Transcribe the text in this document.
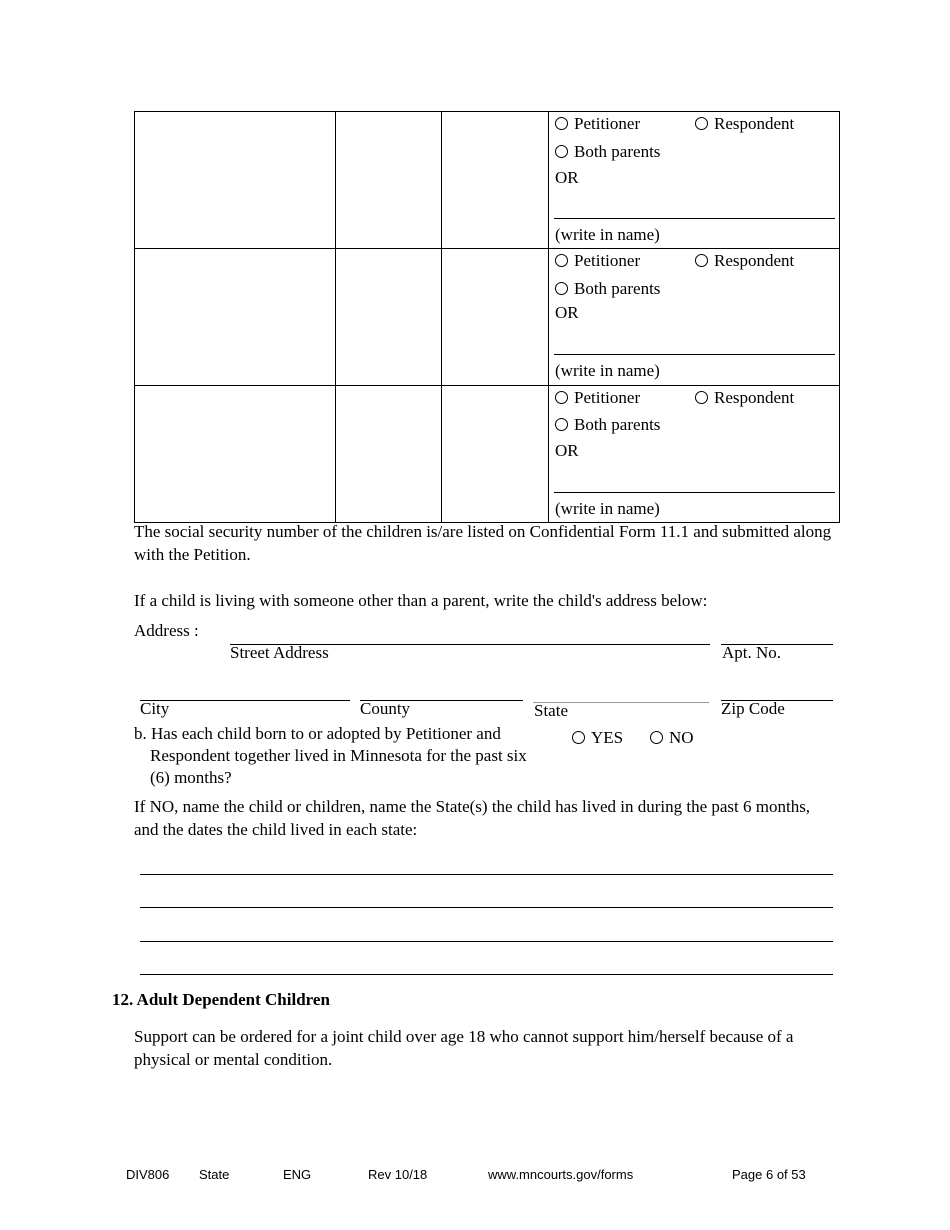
			Petitioner Respondent
Both parents
OR
(write in name)

			Petitioner Respondent
Both parents
OR
(write in name)

			Petitioner Respondent
Both parents
OR
(write in name)
The social security number of the children is/are listed on Confidential Form 11.1 and submitted along with the Petition.
If a child is living with someone other than a parent, write the child's address below:
Address :
Street Address	Apt. No.
City	County	State	Zip Code
b. Has each child born to or adopted by Petitioner and
Respondent together lived in Minnesota for the past six
(6) months?
YES	NO
If NO, name the child or children, name the State(s) the child has lived in during the past 6 months, and the dates the child lived in each state:
12. Adult Dependent Children
Support can be ordered for a joint child over age 18 who cannot support him/herself because of a physical or mental condition.
DIV806 State	ENG	Rev 10/18	www.mncourts.gov/forms	Page 6 of 53
